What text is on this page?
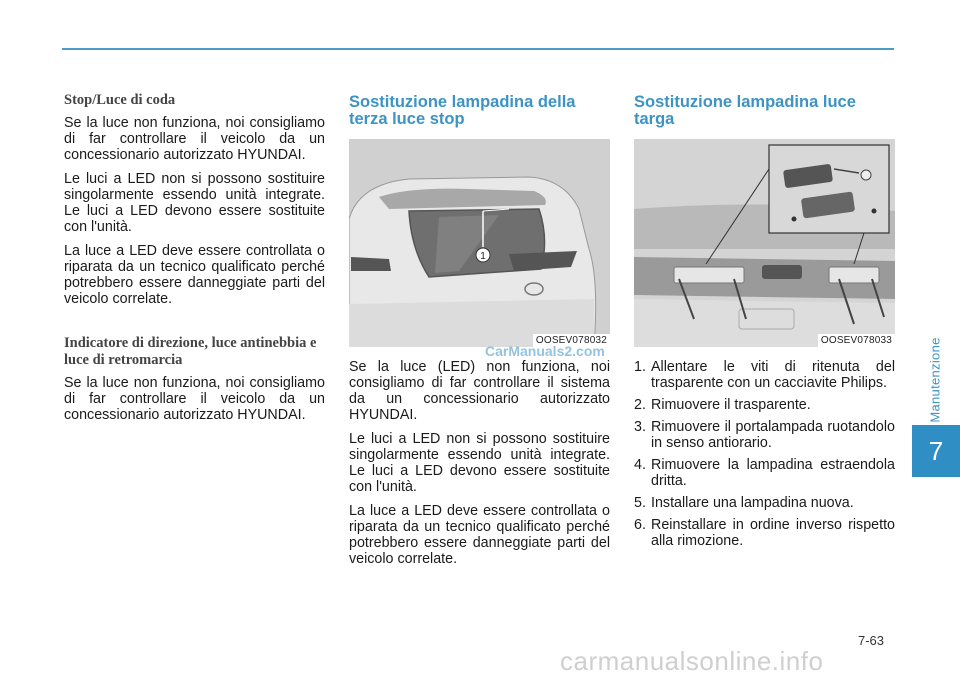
Stop/Luce di coda

Se la luce non funziona, noi consigliamo di far controllare il veicolo da un concessionario autorizzato HYUNDAI.

Le luci a LED non si possono sostituire singolarmente essendo unità integrate. Le luci a LED devono essere sostituite con l'unità.

La luce a LED deve essere controllata o riparata da un tecnico qualificato perché potrebbero essere danneggiate parti del veicolo correlate.

Indicatore di direzione, luce antinebbia e luce di retromarcia

Se la luce non funziona, noi consigliamo di far controllare il veicolo da un concessionario autorizzato HYUNDAI.

Sostituzione lampadina della terza luce stop
1
OOSEV078032

Se la luce (LED) non funziona, noi consigliamo di far controllare il sistema da un concessionario autorizzato HYUNDAI.

Le luci a LED non si possono sostituire singolarmente essendo unità integrate. Le luci a LED devono essere sostituite con l'unità.

La luce a LED deve essere controllata o riparata da un tecnico qualificato perché potrebbero essere danneggiate parti del veicolo correlate.

CarManuals2.com
Sostituzione lampadina luce targa
OOSEV078033
1. Allentare le viti di ritenuta del trasparente con un cacciavite Philips.
2. Rimuovere il trasparente.
3. Rimuovere il portalampada ruotandolo in senso antiorario.
4. Rimuovere la lampadina estraendola dritta.
5. Installare una lampadina nuova.
6. Reinstallare in ordine inverso rispetto alla rimozione.
Manutenzione
7
7-63
carmanualsonline.info
